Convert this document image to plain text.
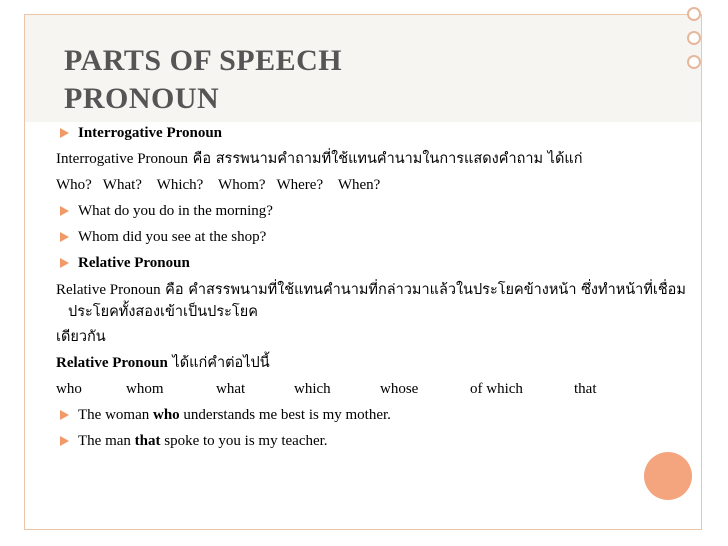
PARTS OF SPEECH
PRONOUN
Interrogative Pronoun
Interrogative Pronoun คือ สรรพนามคำถามที่ใช้แทนคำนามในการแสดงคำถาม ได้แก่
Who?   What?    Which?    Whom?   Where?    When?
What do you do in the morning?
Whom did you see at the shop?
Relative Pronoun
Relative Pronoun คือ คำสรรพนามที่ใช้แทนคำนามที่กล่าวมาแล้วในประโยคข้างหน้า ซึ่งทำหน้าที่เชื่อมประโยคทั้งสองเข้าเป็นประโยค
เดียวกัน
Relative Pronoun ได้แก่คำต่อไปนี้
who	whom	what	which	whose	of which	that
The woman who understands me best is my mother.
The man that spoke to you is my teacher.
